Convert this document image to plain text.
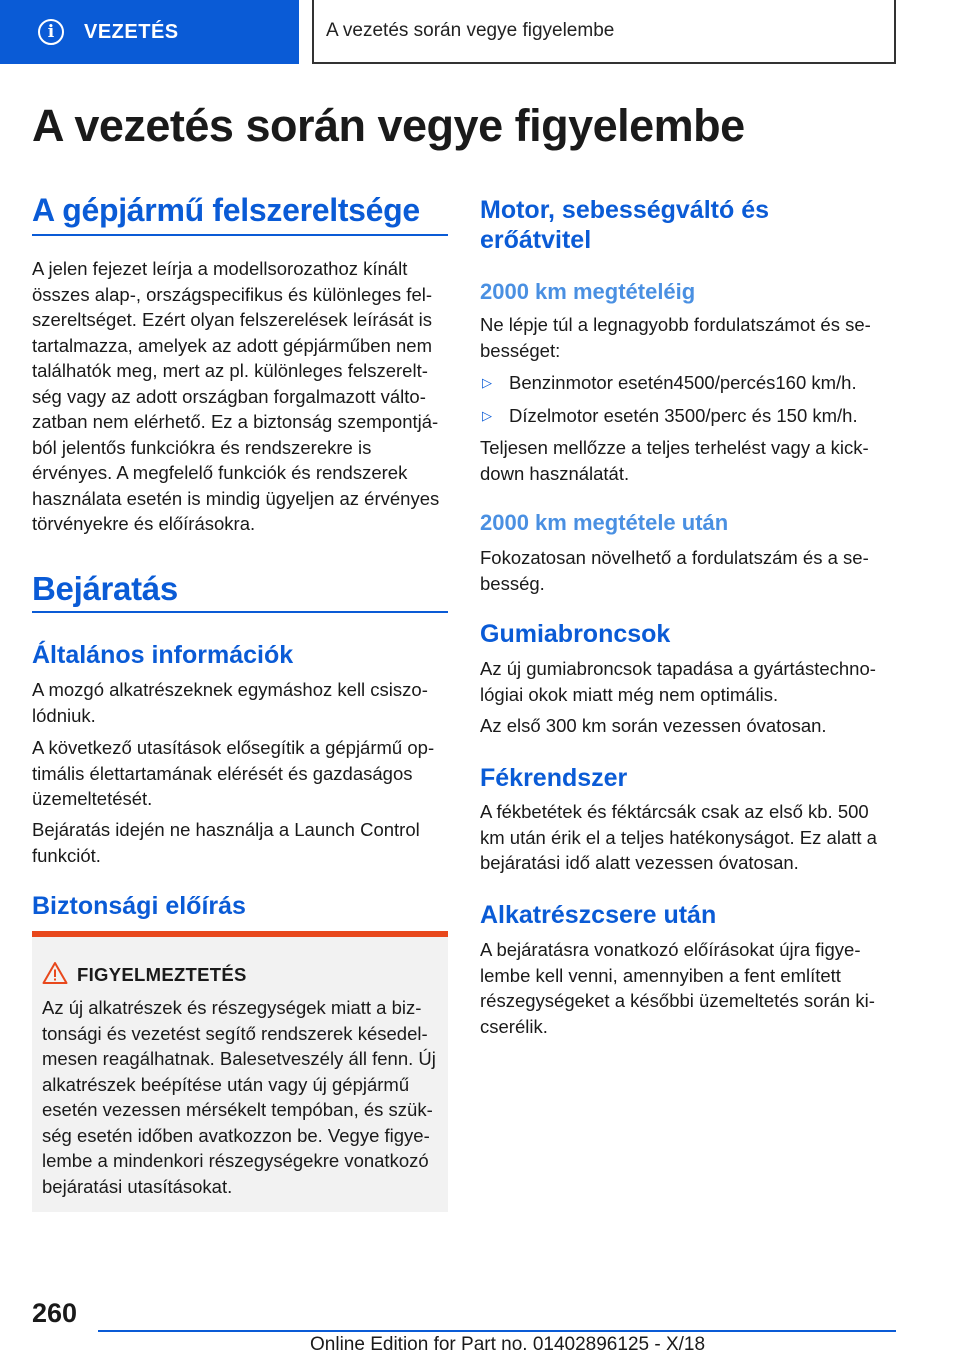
i	VEZETÉS	A vezetés során vegye figyelembe
A vezetés során vegye figyelembe
A gépjármű felszereltsége
A jelen fejezet leírja a modellsorozathoz kínált összes alap-, országspecifikus és különleges felszereltséget. Ezért olyan felszerelések leírását is tartalmazza, amelyek az adott gépjárműben nem találhatók meg, mert az pl. különleges felszereltség vagy az adott országban forgalmazott változatban nem elérhető. Ez a biztonság szempontjából jelentős funkciókra és rendszerekre is érvényes. A megfelelő funkciók és rendszerek használata esetén is mindig ügyeljen az érvényes törvényekre és előírásokra.
Bejáratás
Általános információk
A mozgó alkatrészeknek egymáshoz kell csiszolódniuk.
A következő utasítások elősegítik a gépjármű optimális élettartamának elérését és gazdaságos üzemeltetését.
Bejáratás idején ne használja a Launch Control funkciót.
Biztonsági előírás
FIGYELMEZTETÉS
Az új alkatrészek és részegységek miatt a biztonsági és vezetést segítő rendszerek késedelmesen reagálhatnak. Balesetveszély áll fenn. Új alkatrészek beépítése után vagy új gépjármű esetén vezessen mérsékelt tempóban, és szükség esetén időben avatkozzon be. Vegye figyelembe a mindenkori részegységekre vonatkozó bejáratási utasításokat.
Motor, sebességváltó és erőátvitel
2000 km megtételéig
Ne lépje túl a legnagyobb fordulatszámot és sebességet:
▷ Benzinmotor esetén4500/percés160 km/h.
▷ Dízelmotor esetén 3500/perc és 150 km/h.
Teljesen mellőzze a teljes terhelést vagy a kickdown használatát.
2000 km megtétele után
Fokozatosan növelhető a fordulatszám és a sebesség.
Gumiabroncsok
Az új gumiabroncsok tapadása a gyártástechnológiai okok miatt még nem optimális.
Az első 300 km során vezessen óvatosan.
Fékrendszer
A fékbetétek és féktárcsák csak az első kb. 500 km után érik el a teljes hatékonyságot. Ez alatt a bejáratási idő alatt vezessen óvatosan.
Alkatrészcsere után
A bejáratásra vonatkozó előírásokat újra figyelembe kell venni, amennyiben a fent említett részegységeket a későbbi üzemeltetés során kicserélik.
260
Online Edition for Part no. 01402896125 - X/18
